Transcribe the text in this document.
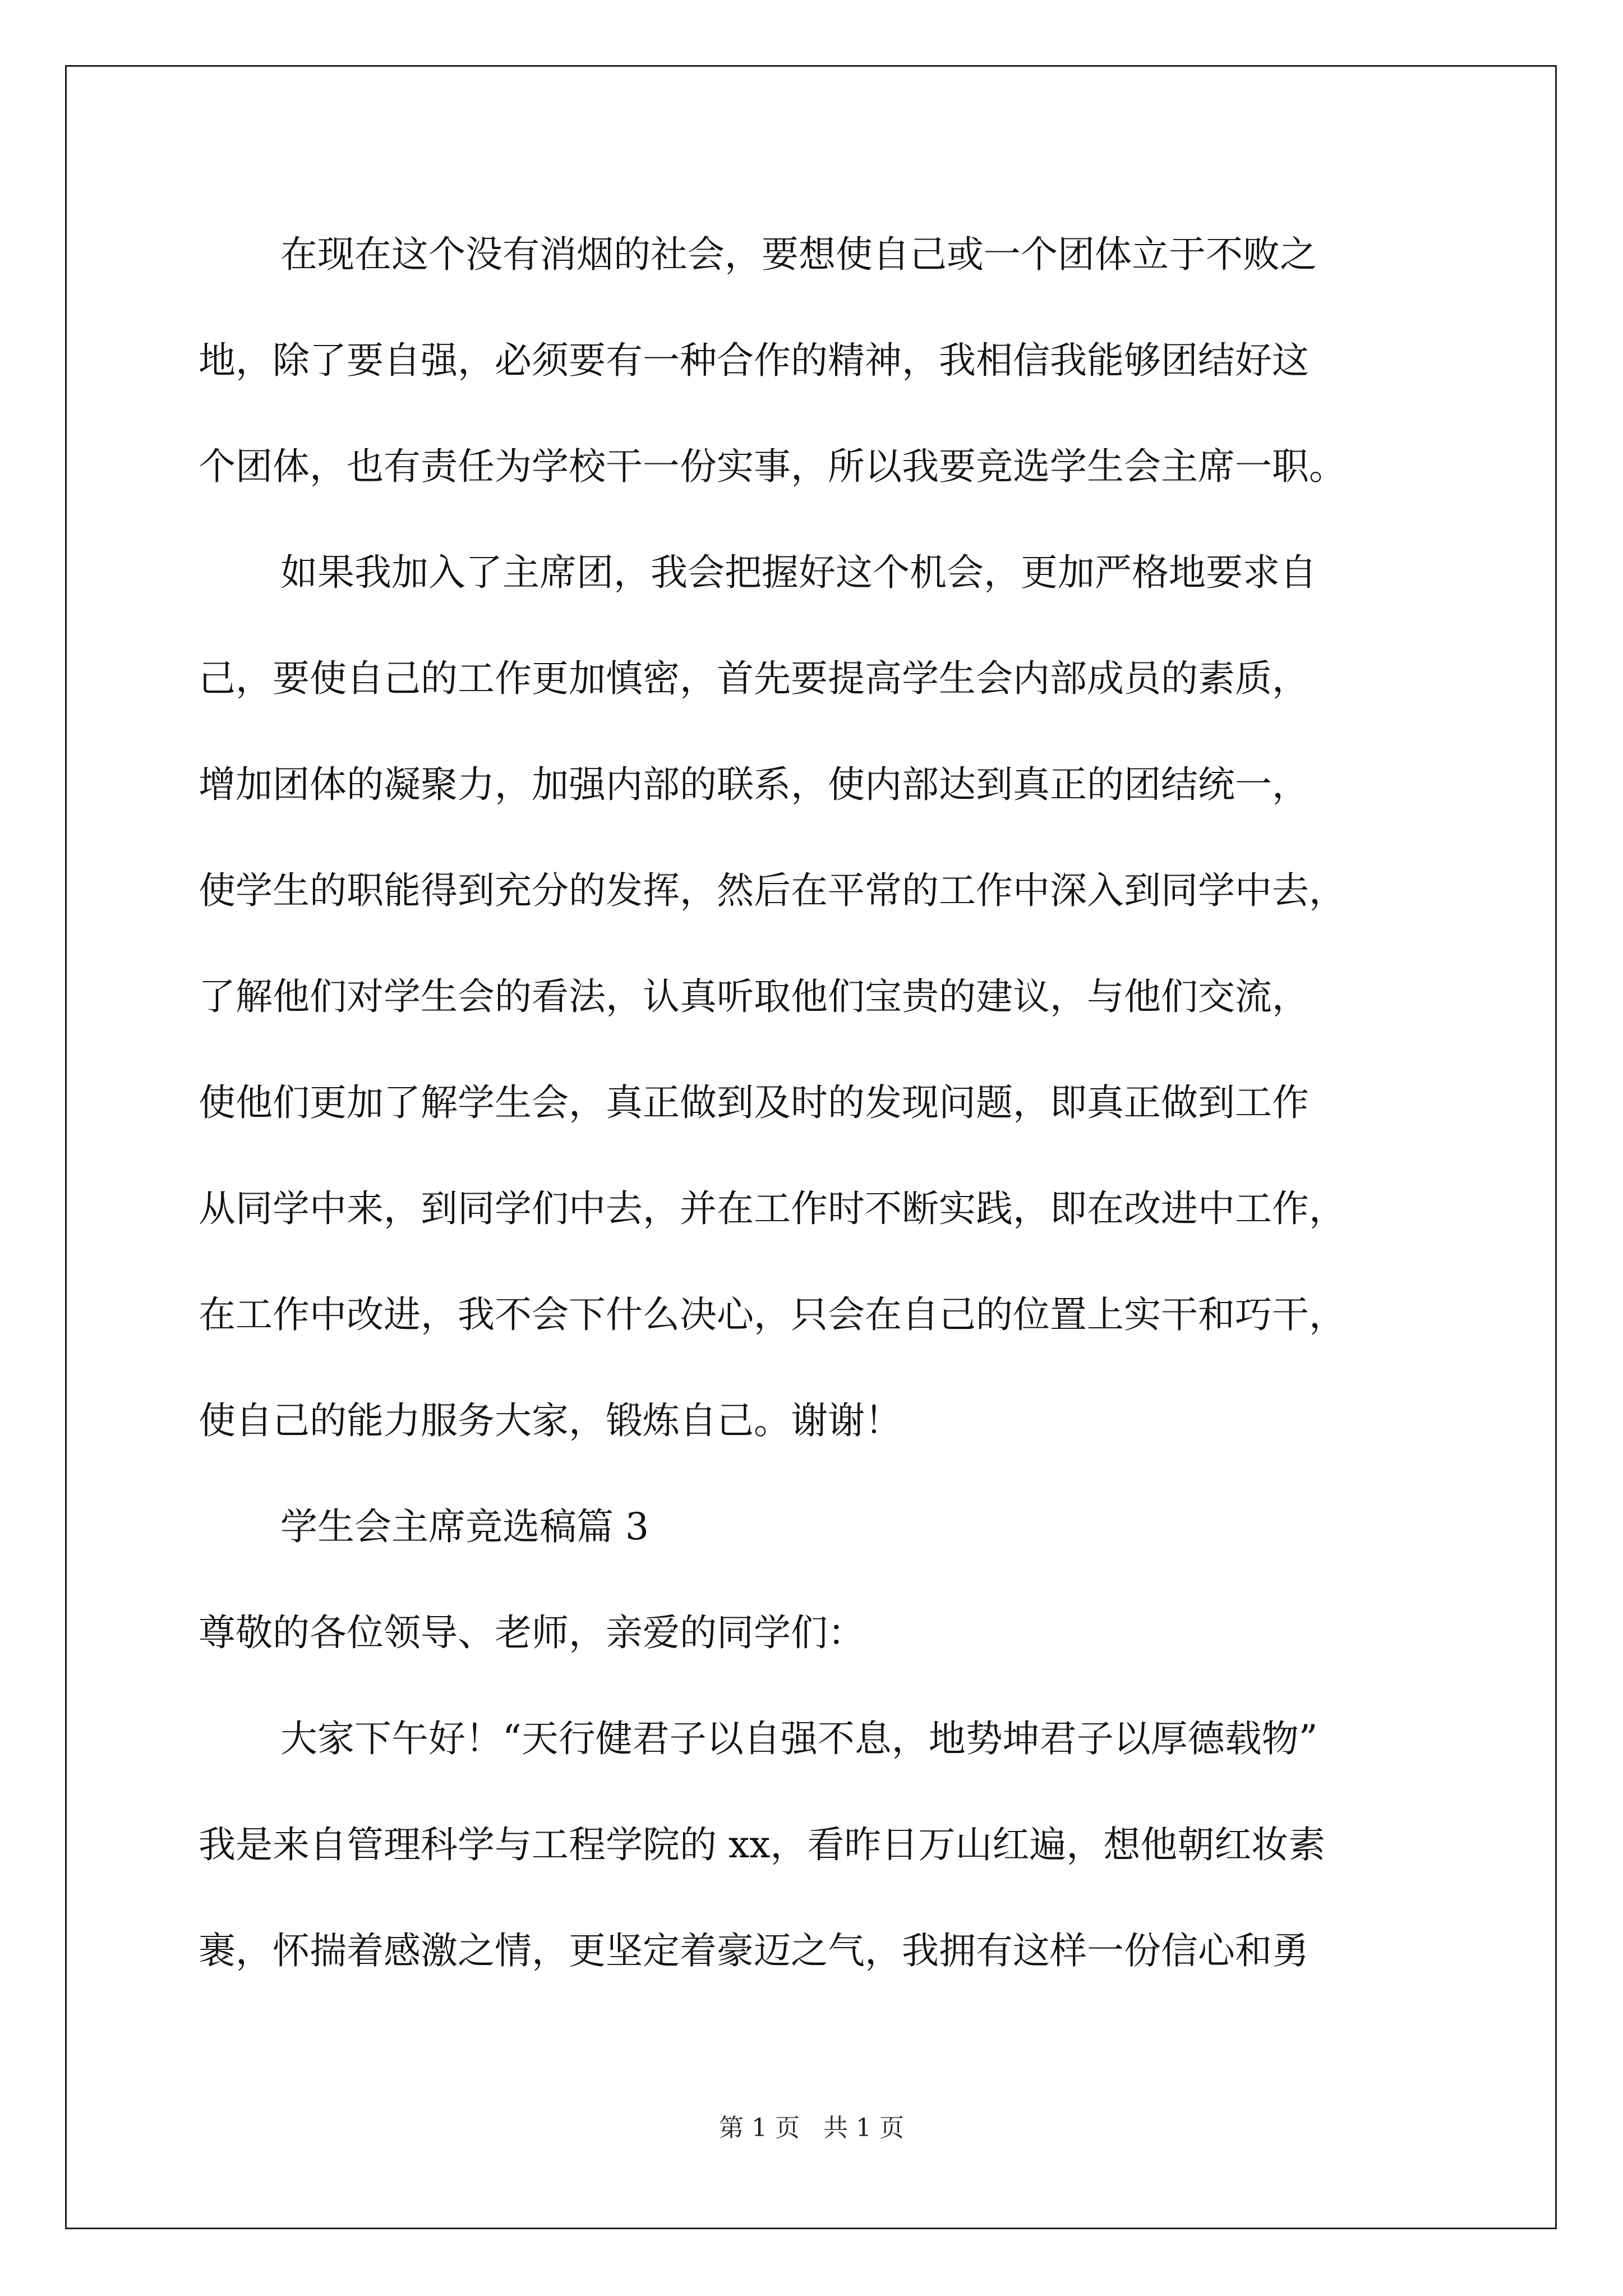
在现在这个没有消烟的社会，要想使自己或一个团体立于不败之
地，除了要自强，必须要有一种合作的精神，我相信我能够团结好这
个团体，也有责任为学校干一份实事，所以我要竞选学生会主席一职。
如果我加入了主席团，我会把握好这个机会，更加严格地要求自
己，要使自己的工作更加慎密，首先要提高学生会内部成员的素质，
增加团体的凝聚力，加强内部的联系，使内部达到真正的团结统一，
使学生的职能得到充分的发挥，然后在平常的工作中深入到同学中去，
了解他们对学生会的看法，认真听取他们宝贵的建议，与他们交流，
使他们更加了解学生会，真正做到及时的发现问题，即真正做到工作
从同学中来，到同学们中去，并在工作时不断实践，即在改进中工作，
在工作中改进，我不会下什么决心，只会在自己的位置上实干和巧干，
使自己的能力服务大家，锻炼自己。谢谢！
学生会主席竞选稿篇 3
尊敬的各位领导、老师，亲爱的同学们：
大家下午好！“天行健君子以自强不息，地势坤君子以厚德载物”
我是来自管理科学与工程学院的 xx，看昨日万山红遍，想他朝红妆素
裹，怀揣着感激之情，更坚定着豪迈之气，我拥有这样一份信心和勇
第 1 页   共 1 页
